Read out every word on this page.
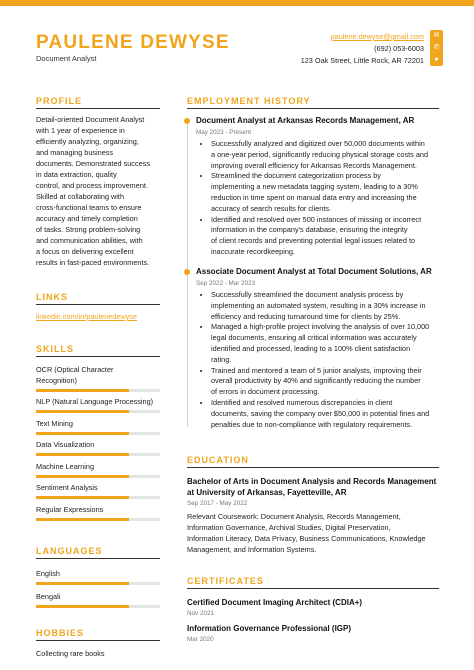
PAULENE DEWYSE
Document Analyst
paulene.dewyse@gmail.com
(692) 053-6003
123 Oak Street, Little Rock, AR 72201
✉
✆
●
PROFILE
Detail-oriented Document Analyst
with 1 year of experience in
efficiently analyzing, organizing,
and managing business
documents. Demonstrated success
in data extraction, quality
control, and process improvement.
Skilled at collaborating with
cross-functional teams to ensure
accuracy and timely completion
of tasks. Strong problem-solving
and communication abilities, with
a focus on delivering excellent
results in fast-paced environments.
LINKS
linkedin.com/in/paulenedewyse
SKILLS
OCR (Optical Character
Recognition)
NLP (Natural Language Processing)
Text Mining
Data Visualization
Machine Learning
Sentiment Analysis
Regular Expressions
LANGUAGES
English
Bengali
HOBBIES
Collecting rare books
EMPLOYMENT HISTORY
Document Analyst at Arkansas Records Management, AR
May 2023 - Present
• Successfully analyzed and digitized over 50,000 documents within
a one-year period, significantly reducing physical storage costs and
improving overall efficiency for Arkansas Records Management.
• Streamlined the document categorization process by
implementing a new metadata tagging system, leading to a 30%
reduction in time spent on manual data entry and increasing the
accuracy of search results for clients.
• Identified and resolved over 500 instances of missing or incorrect
information in the company's database, ensuring the integrity
of client records and preventing potential legal issues related to
inaccurate recordkeeping.
Associate Document Analyst at Total Document Solutions, AR
Sep 2022 - Mar 2023
• Successfully streamlined the document analysis process by
implementing an automated system, resulting in a 30% increase in
efficiency and reducing turnaround time for clients by 25%.
• Managed a high-profile project involving the analysis of over 10,000
legal documents, ensuring all critical information was accurately
identified and processed, leading to a 100% client satisfaction
rating.
• Trained and mentored a team of 5 junior analysts, improving their
overall productivity by 40% and significantly reducing the number
of errors in document processing.
• Identified and resolved numerous discrepancies in client
documents, saving the company over $50,000 in potential fines and
penalties due to non-compliance with regulatory requirements.
EDUCATION
Bachelor of Arts in Document Analysis and Records Management
at University of Arkansas, Fayetteville, AR
Sep 2017 - May 2022
Relevant Coursework: Document Analysis, Records Management,
Information Governance, Archival Studies, Digital Preservation,
Information Literacy, Data Privacy, Business Communications, Knowledge
Management, and Information Systems.
CERTIFICATES
Certified Document Imaging Architect (CDIA+)
Nov 2021
Information Governance Professional (IGP)
Mar 2020
